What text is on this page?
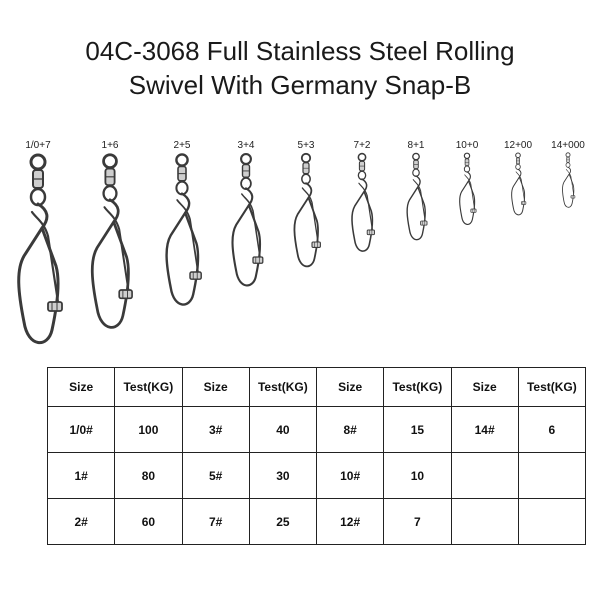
04C-3068 Full Stainless Steel Rolling
Swivel With Germany Snap-B
1/0+7	1+6	2+5	3+4	5+3	7+2	8+1	10+0	12+00 14+000
Size	Test(KG)	Size	Test(KG)	Size	Test(KG)	Size	Test(KG)
1/0#	100	3#	40	8#	15	14#	6
1#	80	5#	30	10#	10		
2#	60	7#	25	12#	7		
